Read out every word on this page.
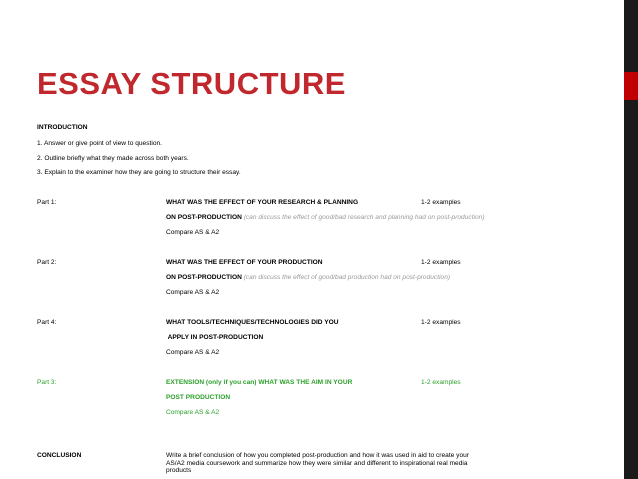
ESSAY STRUCTURE
INTRODUCTION
1. Answer or give point of view to question.
2. Outline briefly what they made across both years.
3. Explain to the examiner how they are going to structure their essay.
Part 1:	WHAT WAS THE EFFECT OF YOUR RESEARCH & PLANNING	1-2 examples
ON POST-PRODUCTION (can discuss the effect of good/bad research and planning had on post-production)
Compare AS & A2
Part 2:	WHAT WAS THE EFFECT OF YOUR PRODUCTION	1-2 examples
ON POST-PRODUCTION (can discuss the effect of good/bad production had on post-production)
Compare AS & A2
Part 4:	WHAT TOOLS/TECHNIQUES/TECHNOLOGIES DID YOU	1-2 examples
APPLY IN POST-PRODUCTION
Compare AS & A2
Part 3:	EXTENSION (only if you can) WHAT WAS THE AIM IN YOUR	1-2 examples
POST PRODUCTION
Compare AS & A2
CONCLUSION	Write a brief conclusion of how you completed post-production and how it was used in aid to create your AS/A2 media coursework and summarize how they were similar and different to inspirational real media products
